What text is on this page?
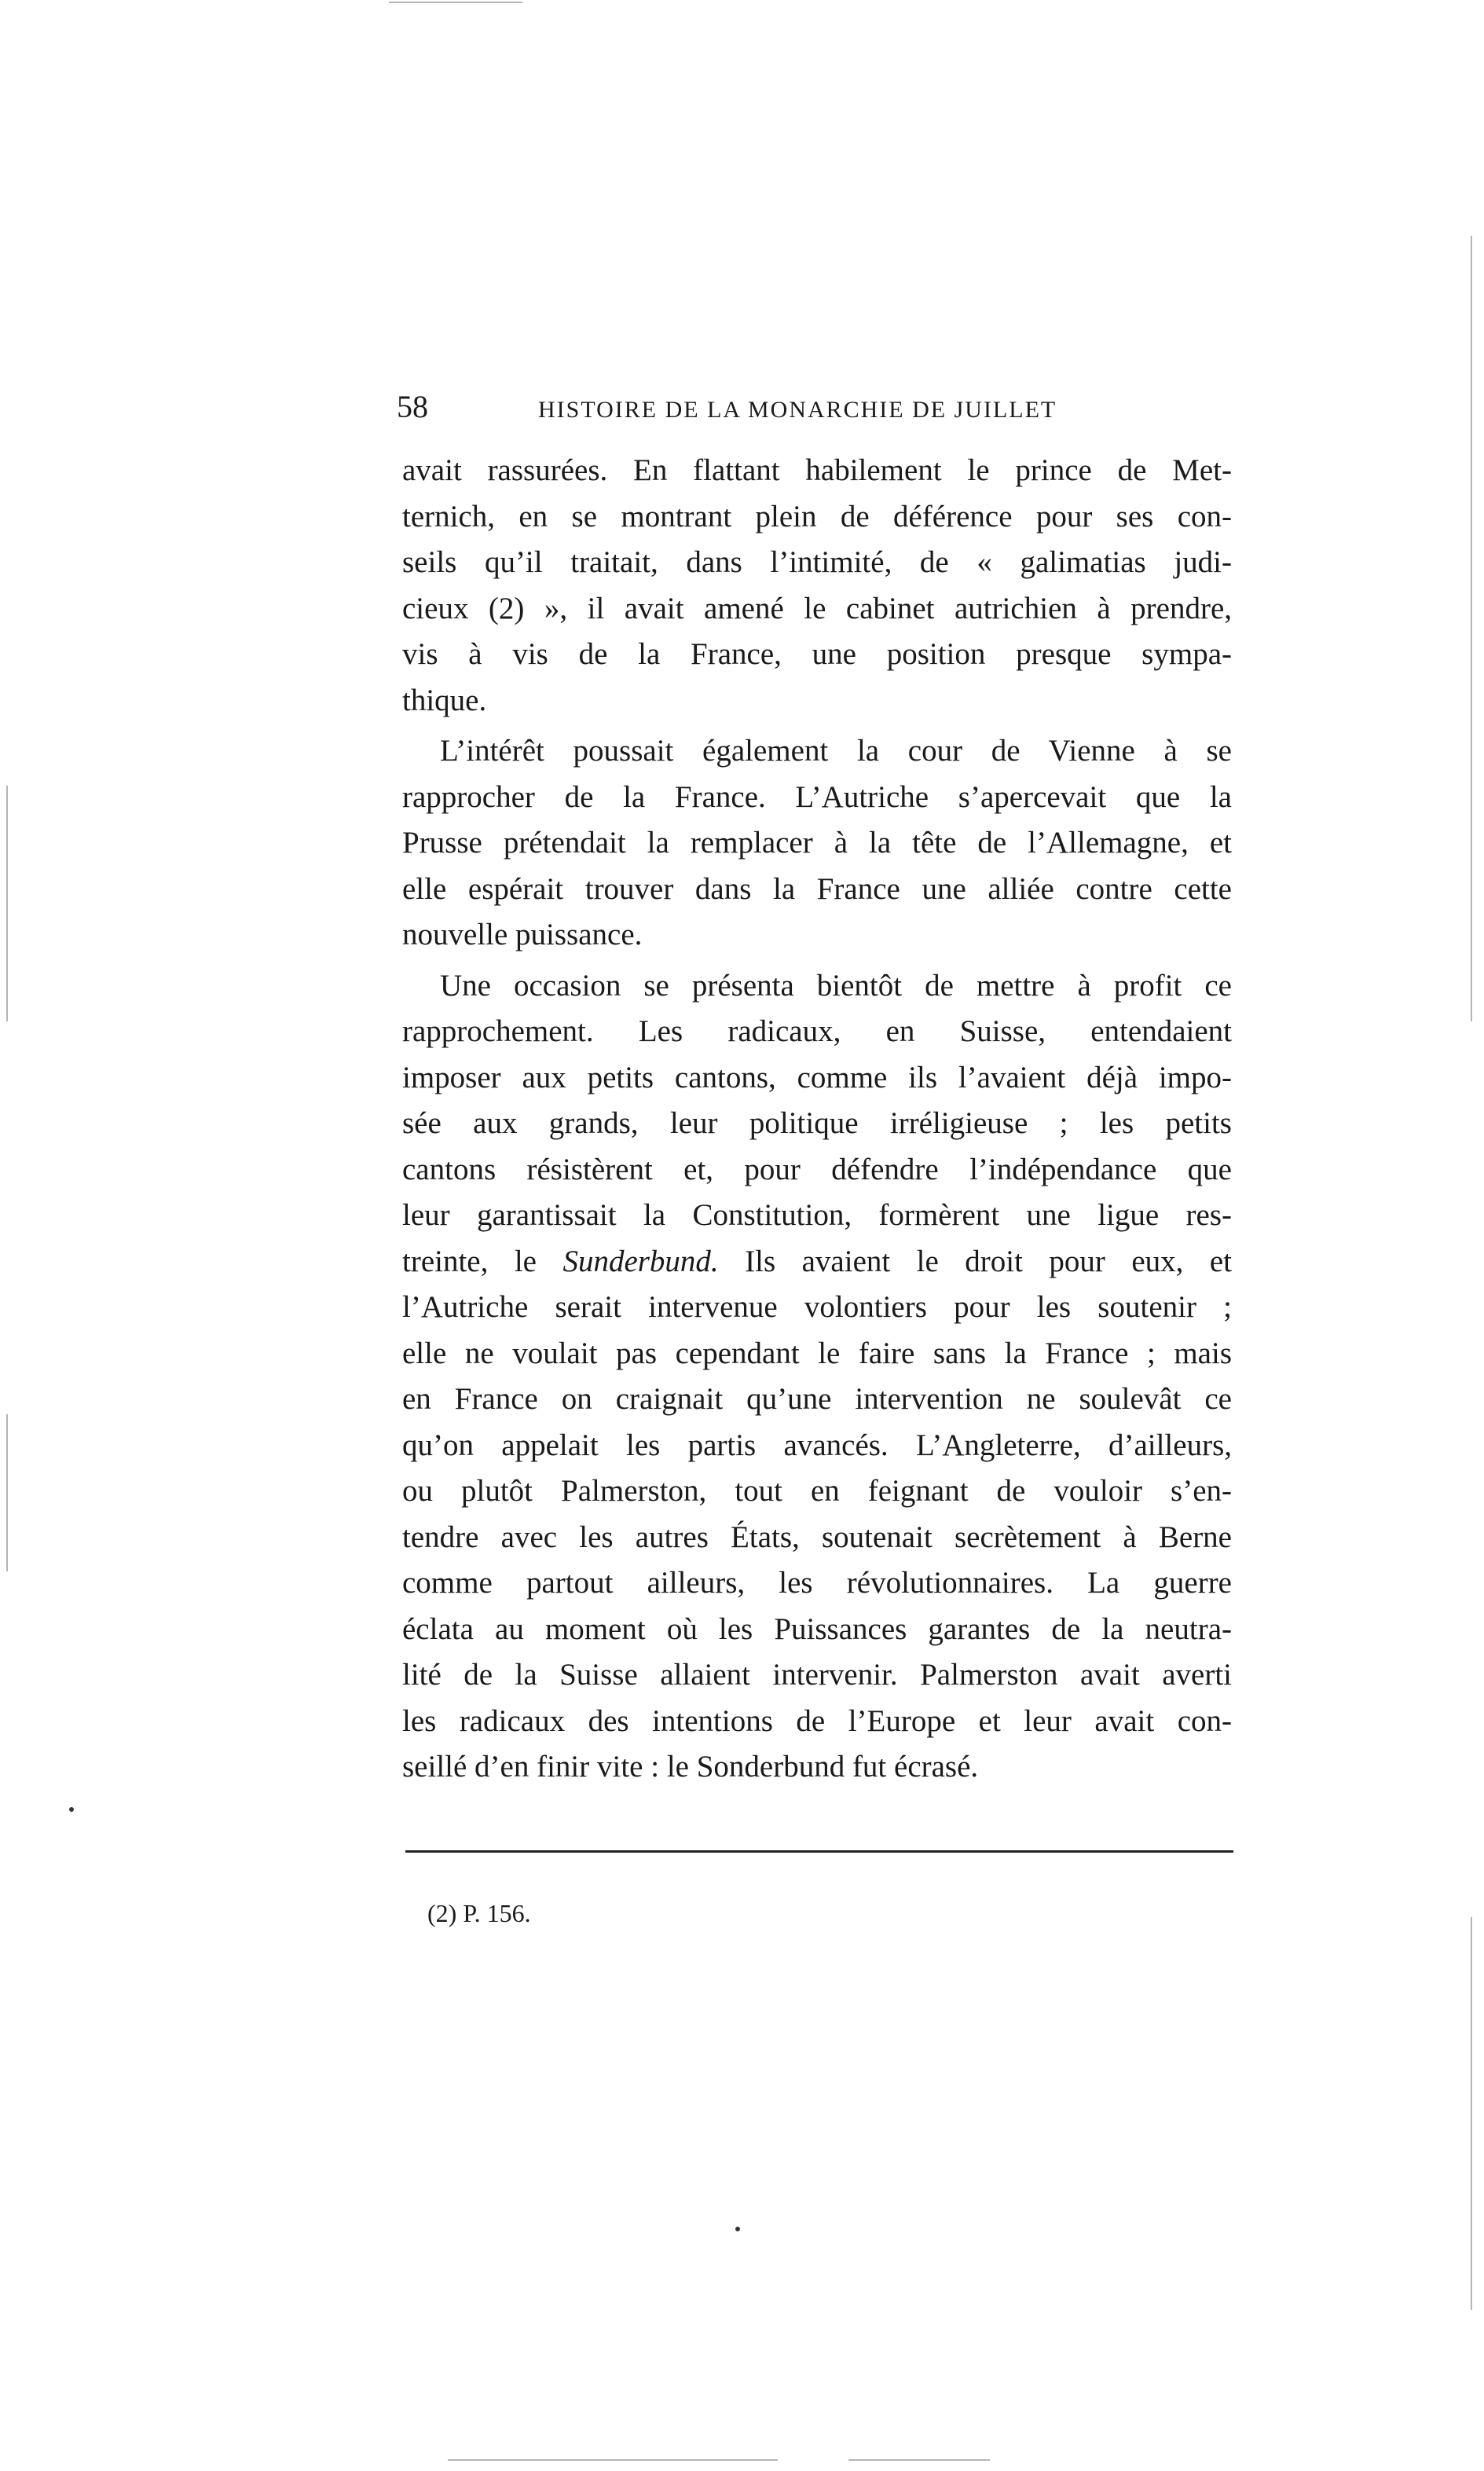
58	HISTOIRE DE LA MONARCHIE DE JUILLET
avait rassurées. En flattant habilement le prince de Met-
ternich, en se montrant plein de déférence pour ses con-
seils qu’il traitait, dans l’intimité, de « galimatias judi-
cieux (2) », il avait amené le cabinet autrichien à prendre,
vis à vis de la France, une position presque sympa-
thique.
L’intérêt poussait également la cour de Vienne à se
rapprocher de la France. L’Autriche s’apercevait que la
Prusse prétendait la remplacer à la tête de l’Allemagne, et
elle espérait trouver dans la France une alliée contre cette
nouvelle puissance.
Une occasion se présenta bientôt de mettre à profit ce
rapprochement. Les radicaux, en Suisse, entendaient
imposer aux petits cantons, comme ils l’avaient déjà impo-
sée aux grands, leur politique irréligieuse ; les petits
cantons résistèrent et, pour défendre l’indépendance que
leur garantissait la Constitution, formèrent une ligue res-
treinte, le Sunderbund. Ils avaient le droit pour eux, et
l’Autriche serait intervenue volontiers pour les soutenir ;
elle ne voulait pas cependant le faire sans la France ; mais
en France on craignait qu’une intervention ne soulevât ce
qu’on appelait les partis avancés. L’Angleterre, d’ailleurs,
ou plutôt Palmerston, tout en feignant de vouloir s’en-
tendre avec les autres États, soutenait secrètement à Berne
comme partout ailleurs, les révolutionnaires. La guerre
éclata au moment où les Puissances garantes de la neutra-
lité de la Suisse allaient intervenir. Palmerston avait averti
les radicaux des intentions de l’Europe et leur avait con-
seillé d’en finir vite : le Sonderbund fut écrasé.
(2) P. 156.
